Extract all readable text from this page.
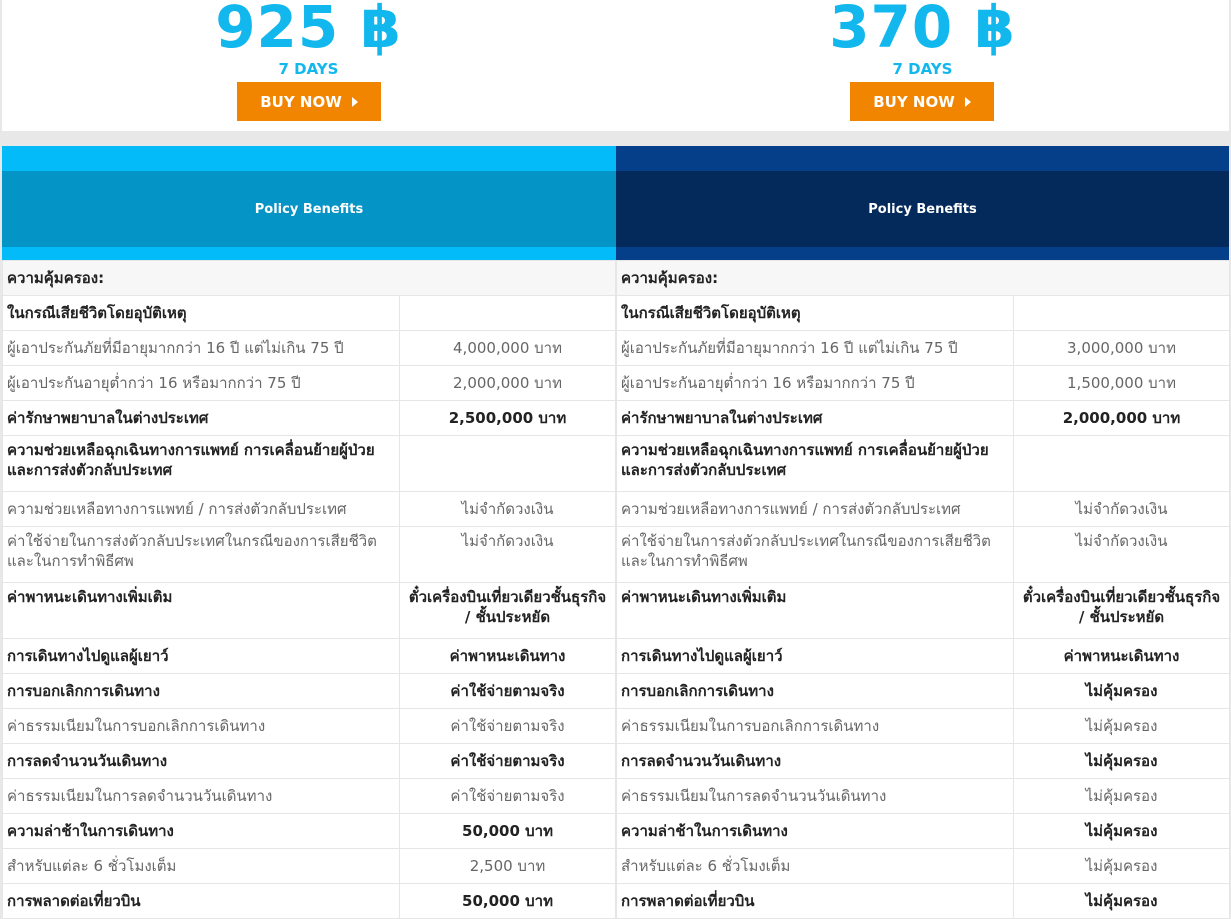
925 ฿
7 DAYS
BUY NOW
370 ฿
7 DAYS
BUY NOW
Policy Benefits	Policy Benefits
ความคุ้มครอง:	
ในกรณีเสียชีวิตโดยอุบัติเหตุ	
ผู้เอาประกันภัยที่มีอายุมากกว่า 16 ปี แต่ไม่เกิน 75 ปี	4,000,000 บาท
ผู้เอาประกันอายุต่ำกว่า 16 หรือมากกว่า 75 ปี	2,000,000 บาท
ค่ารักษาพยาบาลในต่างประเทศ	2,500,000 บาท
ความช่วยเหลือฉุกเฉินทางการแพทย์ การเคลื่อนย้ายผู้ป่วยและการส่งตัวกลับประเทศ	
ความช่วยเหลือทางการแพทย์ / การส่งตัวกลับประเทศ	ไม่จำกัดวงเงิน
ค่าใช้จ่ายในการส่งตัวกลับประเทศในกรณีของการเสียชีวิตและในการทำพิธีศพ	ไม่จำกัดวงเงิน
ค่าพาหนะเดินทางเพิ่มเติม	ตั๋วเครื่องบินเที่ยวเดียวชั้นธุรกิจ / ชั้นประหยัด
การเดินทางไปดูแลผู้เยาว์	ค่าพาหนะเดินทาง
การบอกเลิกการเดินทาง	ค่าใช้จ่ายตามจริง
ค่าธรรมเนียมในการบอกเลิกการเดินทาง	ค่าใช้จ่ายตามจริง
การลดจำนวนวันเดินทาง	ค่าใช้จ่ายตามจริง
ค่าธรรมเนียมในการลดจำนวนวันเดินทาง	ค่าใช้จ่ายตามจริง
ความล่าช้าในการเดินทาง	50,000 บาท
สำหรับแต่ละ 6 ชั่วโมงเต็ม	2,500 บาท
การพลาดต่อเที่ยวบิน	50,000 บาท
ความคุ้มครอง:	
ในกรณีเสียชีวิตโดยอุบัติเหตุ	
ผู้เอาประกันภัยที่มีอายุมากกว่า 16 ปี แต่ไม่เกิน 75 ปี	3,000,000 บาท
ผู้เอาประกันอายุต่ำกว่า 16 หรือมากกว่า 75 ปี	1,500,000 บาท
ค่ารักษาพยาบาลในต่างประเทศ	2,000,000 บาท
ความช่วยเหลือฉุกเฉินทางการแพทย์ การเคลื่อนย้ายผู้ป่วยและการส่งตัวกลับประเทศ	
ความช่วยเหลือทางการแพทย์ / การส่งตัวกลับประเทศ	ไม่จำกัดวงเงิน
ค่าใช้จ่ายในการส่งตัวกลับประเทศในกรณีของการเสียชีวิตและในการทำพิธีศพ	ไม่จำกัดวงเงิน
ค่าพาหนะเดินทางเพิ่มเติม	ตั๋วเครื่องบินเที่ยวเดียวชั้นธุรกิจ / ชั้นประหยัด
การเดินทางไปดูแลผู้เยาว์	ค่าพาหนะเดินทาง
การบอกเลิกการเดินทาง	ไม่คุ้มครอง
ค่าธรรมเนียมในการบอกเลิกการเดินทาง	ไม่คุ้มครอง
การลดจำนวนวันเดินทาง	ไม่คุ้มครอง
ค่าธรรมเนียมในการลดจำนวนวันเดินทาง	ไม่คุ้มครอง
ความล่าช้าในการเดินทาง	ไม่คุ้มครอง
สำหรับแต่ละ 6 ชั่วโมงเต็ม	ไม่คุ้มครอง
การพลาดต่อเที่ยวบิน	ไม่คุ้มครอง
